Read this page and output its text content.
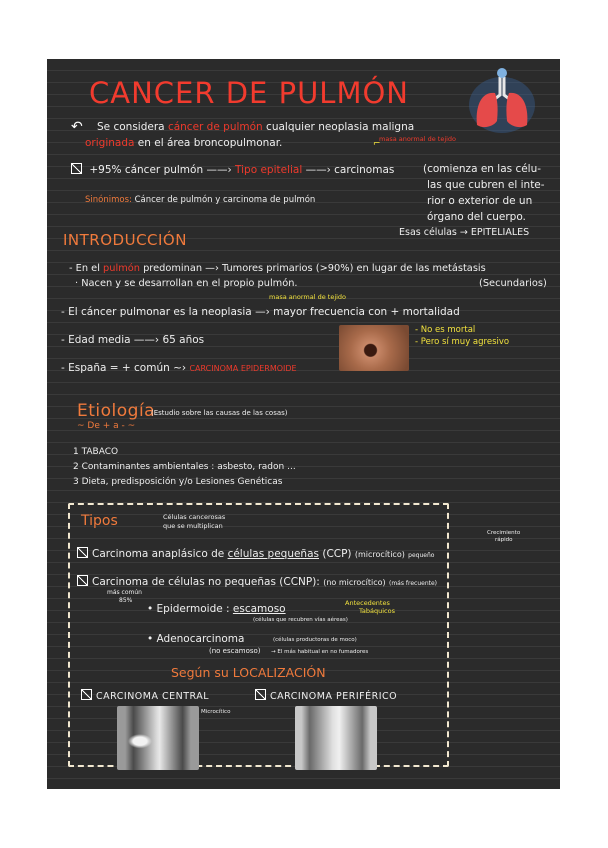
CANCER DE PULMÓN
masa anormal de tejido
⌐
↶ Se considera cáncer de pulmón cualquier neoplasia maligna
originada en el área broncopulmonar.
+95% cáncer pulmón ——› Tipo epitelial ——› carcinomas	(comienza en las célu-
las que cubren el inte-
rior o exterior de un
órgano del cuerpo.
Esas células → EPITELIALES
Sinónimos: Cáncer de pulmón y carcinoma de pulmón
INTRODUCCIÓN
- En el pulmón predominan —› Tumores primarios (>90%) en lugar de las metástasis
· Nacen y se desarrollan en el propio pulmón.	(Secundarios)
masa anormal de tejido
- El cáncer pulmonar es la neoplasia —› mayor frecuencia con + mortalidad
- Edad media ——› 65 años
- No es mortal
- Pero sí muy agresivo
- España = + común ~› CARCINOMA EPIDERMOIDE
Etiología
(Estudio sobre las causas de las cosas)
~ De + a - ~
1 TABACO
2 Contaminantes ambientales : asbesto, radon ...
3 Dieta, predisposición y/o Lesiones Genéticas
Tipos	Células cancerosas
que se multiplican
Crecimiento
rápido
Carcinoma anaplásico de células pequeñas (CCP) (microcítico) pequeño
Carcinoma de células no pequeñas (CCNP): (no microcítico) (más frecuente)
más común
85%	Antecedentes
Tabáquicos
• Epidermoide : escamoso
(células que recubren vías aéreas)
• Adenocarcinoma	(células productoras de moco)
(no escamoso) → El más habitual en no fumadores
Según su LOCALIZACIÓN
CARCINOMA CENTRAL	CARCINOMA PERIFÉRICO
Microcítico
